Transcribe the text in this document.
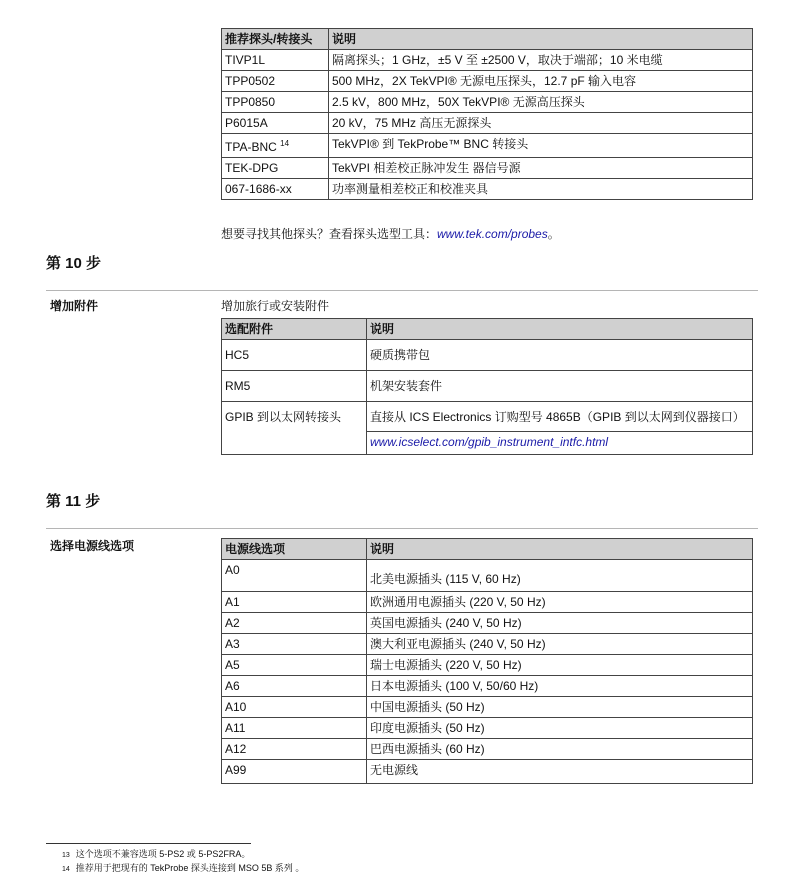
推荐探头/转接头	说明
TIVP1L	隔离探头；1 GHz，±5 V 至 ±2500 V，取决于端部；10 米电缆
TPP0502	500 MHz，2X TekVPI® 无源电压探头，12.7 pF 输入电容
TPP0850	2.5 kV，800 MHz，50X TekVPI® 无源高压探头
P6015A	20 kV，75 MHz 高压无源探头
TPA-BNC $^{14}$	TekVPI® 到 TekProbe™ BNC 转接头
TEK-DPG	TekVPI 相差校正脉冲发生 器信号源
067-1686-xx	功率测量相差校正和校准夹具
想要寻找其他探头？查看探头选型工具：www.tek.com/probes。
第 10 步
增加附件	增加旅行或安装附件
选配附件	说明
HC5	硬质携带包
RM5	机架安装套件
GPIB 到以太网转接头	直接从 ICS Electronics 订购型号 4865B（GPIB 到以太网到仪器接口）
www.icselect.com/gpib_instrument_intfc.html
第 11 步
选择电源线选项	电源线选项	说明
A0	北美电源插头 (115 V, 60 Hz)
A1	欧洲通用电源插头 (220 V, 50 Hz)
A2	英国电源插头 (240 V, 50 Hz)
A3	澳大利亚电源插头 (240 V, 50 Hz)
A5	瑞士电源插头 (220 V, 50 Hz)
A6	日本电源插头 (100 V, 50/60 Hz)
A10	中国电源插头 (50 Hz)
A11	印度电源插头 (50 Hz)
A12	巴西电源插头 (60 Hz)
A99	无电源线
13 这个选项不兼容选项 5-PS2 或 5-PS2FRA。
14 推荐用于把现有的 TekProbe 探头连接到 MSO 5B 系列 。
